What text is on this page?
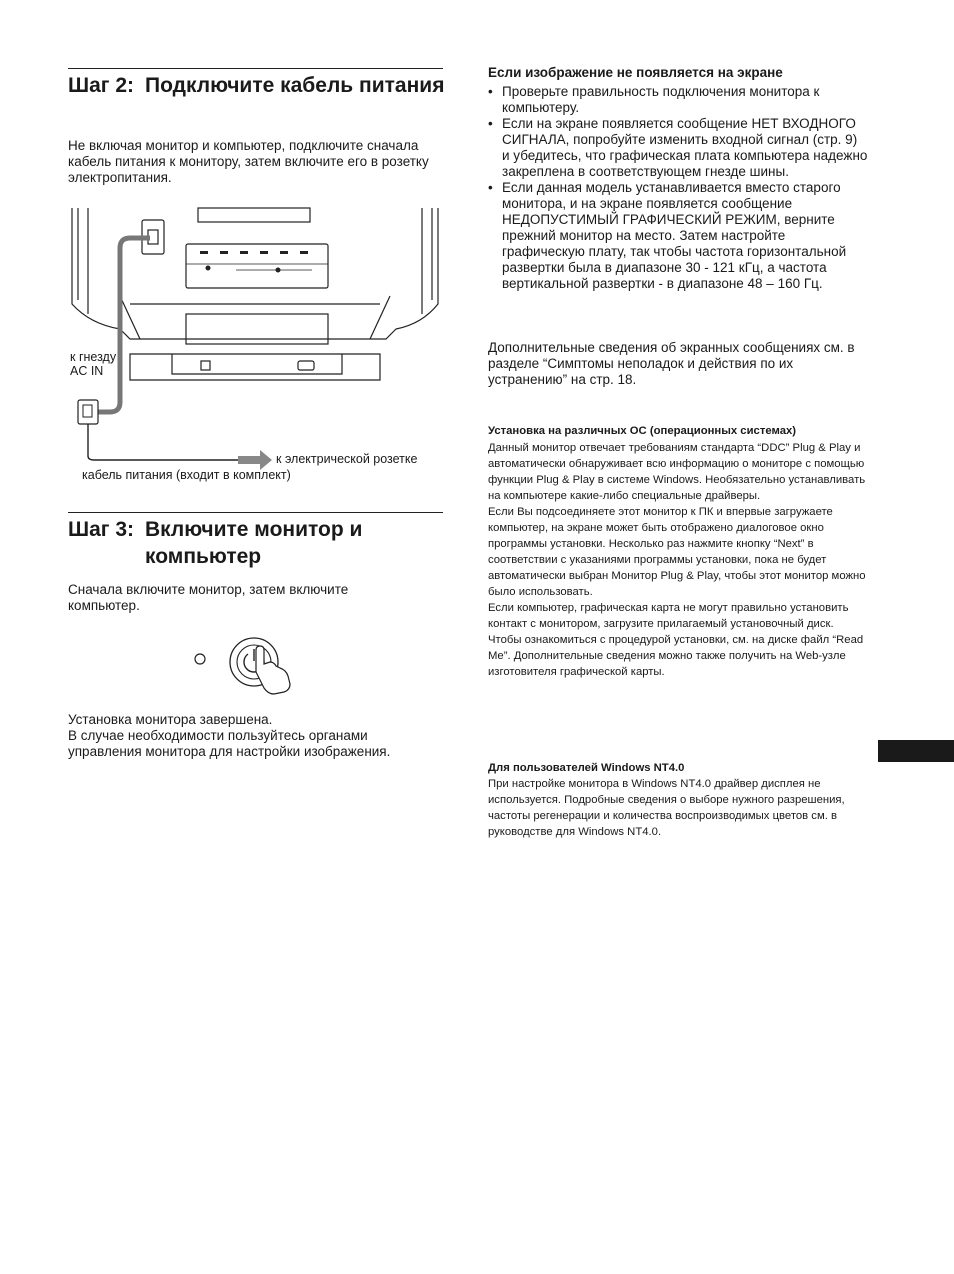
Шаг 2: Подключите кабель питания

Не включая монитор и компьютер, подключите сначала кабель питания к монитору, затем включите его в розетку электропитания.

к гнезду
AC IN
к электрической розетке
кабель питания (входит в комплект)
Шаг 3: Включите монитор и компьютер

Сначала включите монитор, затем включите компьютер.

Установка монитора завершена.
В случае необходимости пользуйтесь органами управления монитора для настройки изображения.
Если изображение не появляется на экране
• Проверьте правильность подключения монитора к компьютеру.
• Если на экране появляется сообщение НЕТ ВХОДНОГО СИГНАЛА, попробуйте изменить входной сигнал (стр. 9) и убедитесь, что графическая плата компьютера надежно закреплена в соответствующем гнезде шины.
• Если данная модель устанавливается вместо старого монитора, и на экране появляется сообщение НЕДОПУСТИМЫЙ ГРАФИЧЕСКИЙ РЕЖИМ, верните прежний монитор на место. Затем настройте графическую плату, так чтобы частота горизонтальной развертки была в диапазоне 30 - 121 кГц, а частота вертикальной развертки - в диапазоне 48 – 160 Гц.

Дополнительные сведения об экранных сообщениях см. в разделе “Симптомы неполадок и действия по их устранению” на стр. 18.

Установка на различных ОС (операционных системах)
Данный монитор отвечает требованиям стандарта “DDC” Plug & Play и автоматически обнаруживает всю информацию о мониторе с помощью функции Plug & Play в системе Windows. Необязательно устанавливать на компьютере какие-либо специальные драйверы.
Если Вы подсоединяете этот монитор к ПК и впервые загружаете компьютер, на экране может быть отображено диалоговое окно программы установки. Несколько раз нажмите кнопку “Next” в соответствии с указаниями программы установки, пока не будет автоматически выбран Монитор Plug & Play, чтобы этот монитор можно было использовать.
Если компьютер, графическая карта не могут правильно установить контакт с монитором, загрузите прилагаемый установочный диск. Чтобы ознакомиться с процедурой установки, см. на диске файл “Read Me”. Дополнительные сведения можно также получить на Web-узле изготовителя графической карты.
Для пользователей Windows NT4.0

При настройке монитора в Windows NT4.0 драйвер дисплея не используется. Подробные сведения о выборе нужного разрешения, частоты регенерации и количества воспроизводимых цветов см. в руководстве для Windows NT4.0.
